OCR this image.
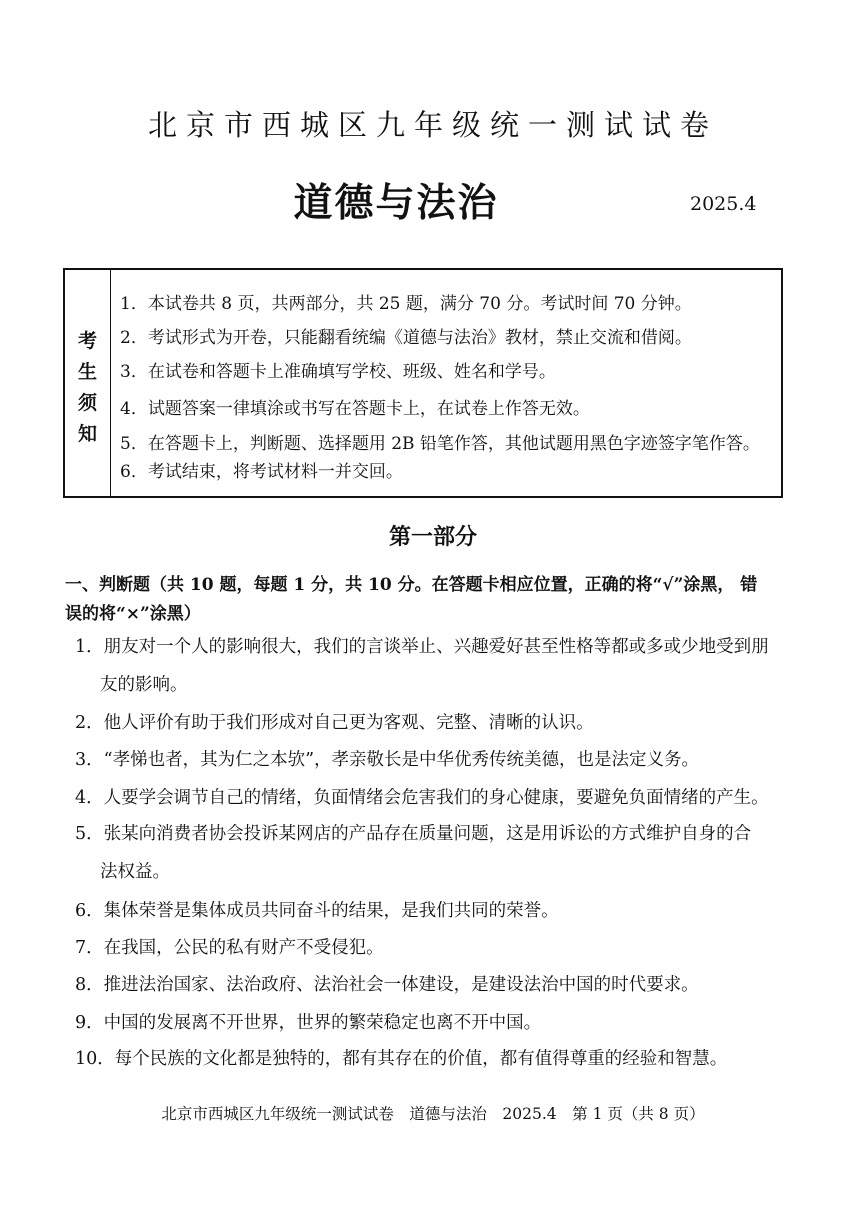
北京市西城区九年级统一测试试卷
道德与法治	2025.4
考
生
须
知
1．本试卷共 8 页，共两部分，共 25 题，满分 70 分。考试时间 70 分钟。
2．考试形式为开卷，只能翻看统编《道德与法治》教材，禁止交流和借阅。
3．在试卷和答题卡上准确填写学校、班级、姓名和学号。
4．试题答案一律填涂或书写在答题卡上，在试卷上作答无效。
5．在答题卡上，判断题、选择题用 2B 铅笔作答，其他试题用黑色字迹签字笔作答。
6．考试结束，将考试材料一并交回。
第一部分
一、判断题（共 10 题，每题 1 分，共 10 分。在答题卡相应位置，正确的将“√”涂黑， 错
误的将“×”涂黑）
1．朋友对一个人的影响很大，我们的言谈举止、兴趣爱好甚至性格等都或多或少地受到朋
友的影响。
2．他人评价有助于我们形成对自己更为客观、完整、清晰的认识。
3．“孝悌也者，其为仁之本欤”，孝亲敬长是中华优秀传统美德，也是法定义务。
4．人要学会调节自己的情绪，负面情绪会危害我们的身心健康，要避免负面情绪的产生。
5．张某向消费者协会投诉某网店的产品存在质量问题，这是用诉讼的方式维护自身的合
法权益。
6．集体荣誉是集体成员共同奋斗的结果，是我们共同的荣誉。
7．在我国，公民的私有财产不受侵犯。
8．推进法治国家、法治政府、法治社会一体建设，是建设法治中国的时代要求。
9．中国的发展离不开世界，世界的繁荣稳定也离不开中国。
10．每个民族的文化都是独特的，都有其存在的价值，都有值得尊重的经验和智慧。
北京市西城区九年级统一测试试卷　道德与法治　2025.4　第 1 页（共 8 页）
